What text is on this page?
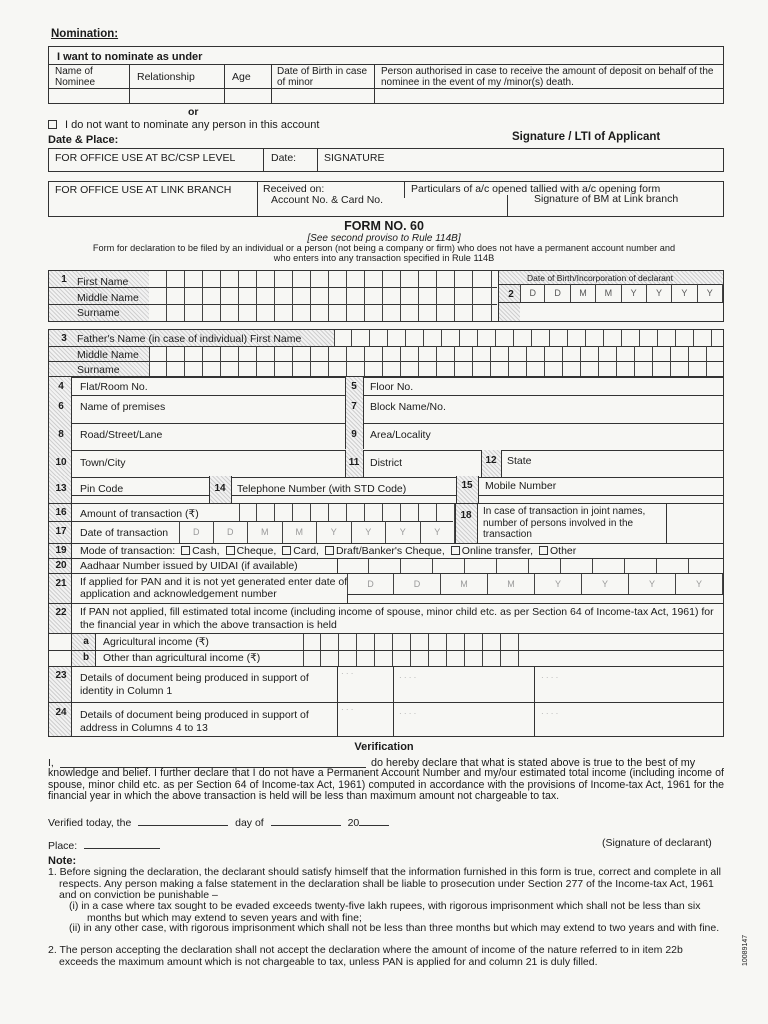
Nomination:
I want to nominate as under
Name of Nominee	Relationship	Age	Date of Birth in case of minor
Person authorised in case to receive the amount of deposit on behalf of the nominee in the event of my /minor(s) death.
or
I do not want to nominate any person in this account
Date & Place:	Signature / LTI of Applicant
FOR OFFICE USE AT BC/CSP LEVEL	Date:	SIGNATURE
FOR OFFICE USE AT LINK BRANCH	Received on:	Particulars of a/c opened tallied with a/c opening form
Account No. & Card No.	Signature of BM at Link branch
FORM NO. 60
[See second proviso to Rule 114B]
Form for declaration to be filed by an individual or a person (not being a company or firm) who does not have a permanent account number and
who enters into any transaction specified in Rule 114B
1 First Name
Middle Name
Surname
Date of Birth/Incorporation of declarant
2	D	D	M	M	Y	Y	Y	Y
3 Father's Name (in case of individual) First Name
Middle Name
Surname
4	Flat/Room No.	5	Floor No.
6	Name of premises	7	Block Name/No.
8	Road/Street/Lane	9	Area/Locality
10 Town/City	11 District	12 State
13	Pin Code	14	Telephone Number (with STD Code)	15	Mobile Number
16	Amount of transaction (₹)
17	Date of transaction	D	D	M	M	Y	Y	Y	Y
18	In case of transaction in joint names, number of persons involved in the transaction
19	Mode of transaction: Cash, Cheque, Card, Draft/Banker's Cheque, Online transfer, Other
20	Aadhaar Number issued by UIDAI (if available)
21	If applied for PAN and it is not yet generated enter date of application and acknowledgement number
D	D	M	M	Y	Y	Y	Y
22	If PAN not applied, fill estimated total income (including income of spouse, minor child etc. as per Section 64 of Income-tax Act, 1961) for the financial year in which the above transaction is held
a	Agricultural income (₹)
b Other than agricultural income (₹)
23	Details of document being produced in support of identity in Column 1
· · ·	· · · ·	· · · ·
24	Details of document being produced in support of address in Columns 4 to 13
· · ·	· · · ·	· · · ·
Verification
I,	do hereby declare that what is stated above is true to the best of my
knowledge and belief. I further declare that I do not have a Permanent Account Number and my/our estimated total income (including income of spouse, minor child etc. as per Section 64 of Income-tax Act, 1961) computed in accordance with the provisions of Income-tax Act, 1961 for the financial year in which the above transaction is held will be less than maximum amount not chargeable to tax.
Verified today, the	day of	20
Place:	(Signature of declarant)
Note:
1. Before signing the declaration, the declarant should satisfy himself that the information furnished in this form is true, correct and complete in all respects. Any person making a false statement in the declaration shall be liable to prosecution under Section 277 of the Income-tax Act, 1961 and on conviction be punishable –
(i) in a case where tax sought to be evaded exceeds twenty-five lakh rupees, with rigorous imprisonment which shall not be less than six months but which may extend to seven years and with fine;
(ii) in any other case, with rigorous imprisonment which shall not be less than three months but which may extend to two years and with fine.
2. The person accepting the declaration shall not accept the declaration where the amount of income of the nature referred to in item 22b exceeds the maximum amount which is not chargeable to tax, unless PAN is applied for and column 21 is duly filled.	10089147
